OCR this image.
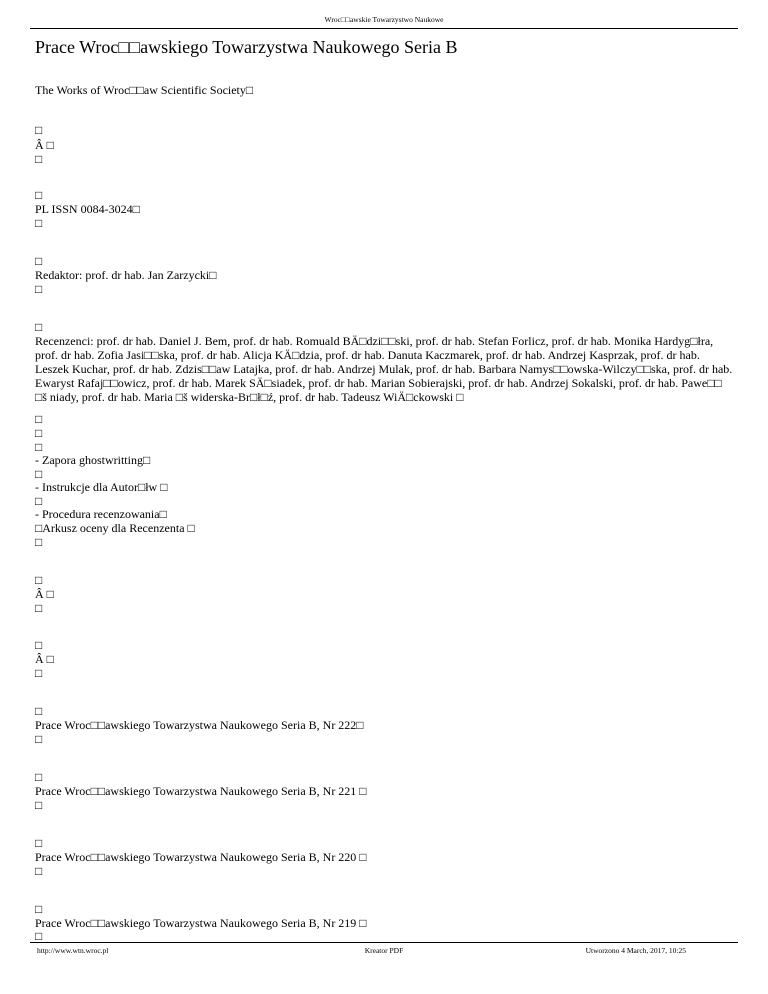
Wroc□□awskie Towarzystwo Naukowe
Prace Wroc□□awskiego Towarzystwa Naukowego Seria B
The Works of Wroc□□aw Scientific Society□
□
Â □
□
□
PL ISSN 0084-3024□
□
□
Redaktor: prof. dr hab. Jan Zarzycki□
□
□
Recenzenci: prof. dr hab. Daniel J. Bem, prof. dr hab. Romuald BÄ□dzi□□ski, prof. dr hab. Stefan Forlicz, prof. dr hab. Monika Hardyg□łra, prof. dr hab. Zofia Jasi□□ska, prof. dr hab. Alicja KÄ□dzia, prof. dr hab. Danuta Kaczmarek, prof. dr hab. Andrzej Kasprzak, prof. dr hab. Leszek Kuchar, prof. dr hab. Zdzis□□aw Latajka, prof. dr hab. Andrzej Mulak, prof. dr hab. Barbara Namys□□owska-Wilczy□□ska, prof. dr hab. Ewaryst Rafaj□□owicz, prof. dr hab. Marek SÄ□siadek, prof. dr hab. Marian Sobierajski, prof. dr hab. Andrzej Sokalski, prof. dr hab. Pawe□□ □š niady, prof. dr hab. Maria □š widerska-Br□ł□ź, prof. dr hab. Tadeusz WiÄ□ckowski □
□
□
□
- Zapora ghostwritting□
□
- Instrukcje dla Autor□łw □
□
- Procedura recenzowania□
□Arkusz oceny dla Recenzenta □
□
□
Â □
□
□
Â □
□
□
Prace Wroc□□awskiego Towarzystwa Naukowego Seria B, Nr 222□
□
□
Prace Wroc□□awskiego Towarzystwa Naukowego Seria B, Nr 221 □
□
□
Prace Wroc□□awskiego Towarzystwa Naukowego Seria B, Nr 220 □
□
□
Prace Wroc□□awskiego Towarzystwa Naukowego Seria B, Nr 219 □
□
http://www.wtn.wroc.pl	Kreator PDF	Utworzono 4 March, 2017, 10:25
